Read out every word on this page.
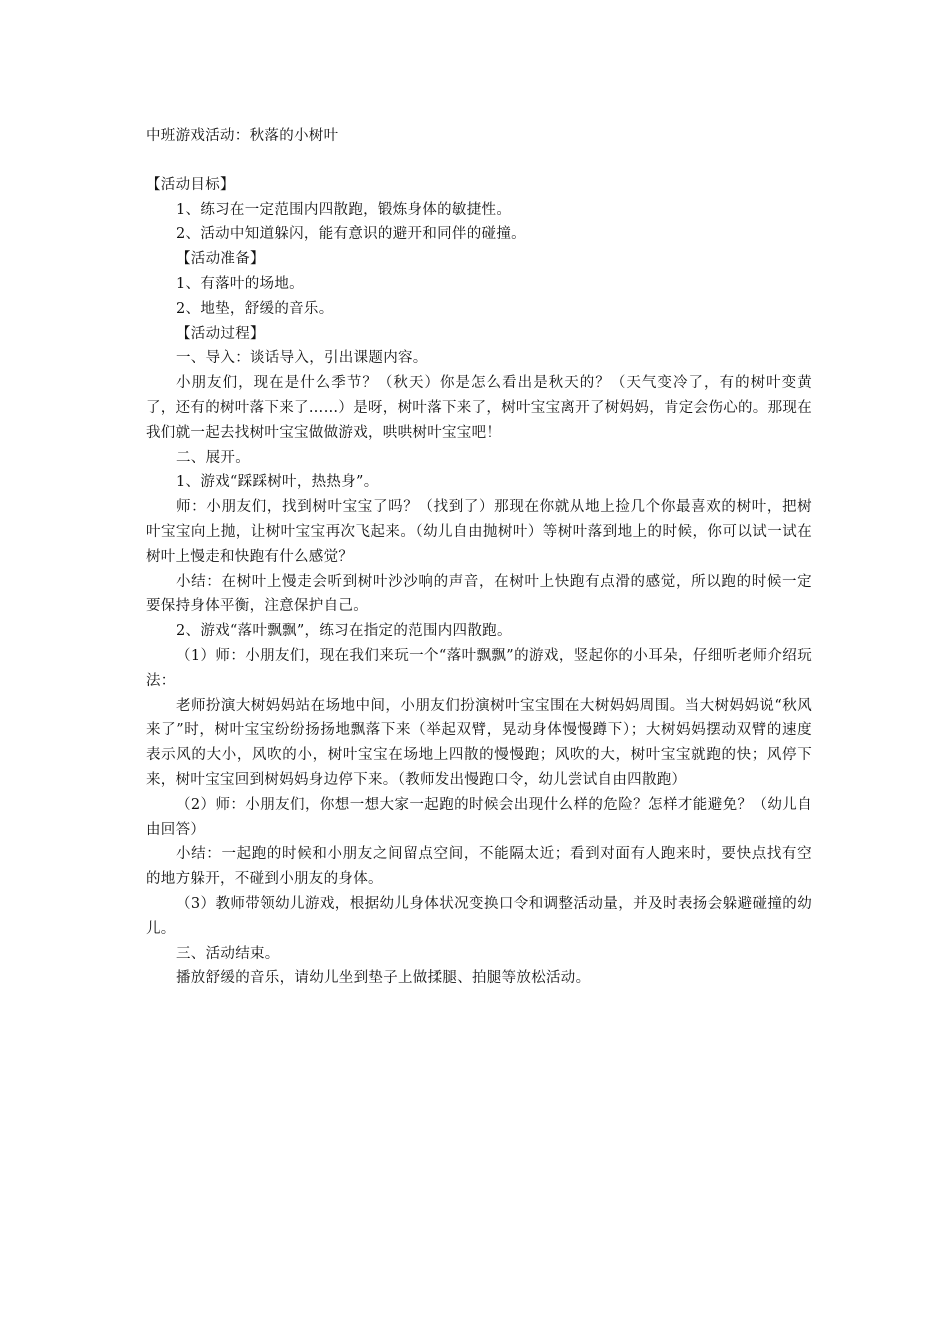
中班游戏活动：秋落的小树叶

【活动目标】

1、练习在一定范围内四散跑，锻炼身体的敏捷性。

2、活动中知道躲闪，能有意识的避开和同伴的碰撞。

【活动准备】

1、有落叶的场地。

2、地垫，舒缓的音乐。

【活动过程】

一、导入：谈话导入，引出课题内容。

小朋友们，现在是什么季节？（秋天）你是怎么看出是秋天的？（天气变冷了，有的树叶变黄了，还有的树叶落下来了……）是呀，树叶落下来了，树叶宝宝离开了树妈妈，肯定会伤心的。那现在我们就一起去找树叶宝宝做做游戏，哄哄树叶宝宝吧！

二、展开。

1、游戏“踩踩树叶，热热身”。

师：小朋友们，找到树叶宝宝了吗？（找到了）那现在你就从地上捡几个你最喜欢的树叶，把树叶宝宝向上抛，让树叶宝宝再次飞起来。（幼儿自由抛树叶）等树叶落到地上的时候，你可以试一试在树叶上慢走和快跑有什么感觉？

小结：在树叶上慢走会听到树叶沙沙响的声音，在树叶上快跑有点滑的感觉，所以跑的时候一定要保持身体平衡，注意保护自己。

2、游戏“落叶飘飘”，练习在指定的范围内四散跑。

（1）师：小朋友们，现在我们来玩一个“落叶飘飘”的游戏，竖起你的小耳朵，仔细听老师介绍玩法：

老师扮演大树妈妈站在场地中间，小朋友们扮演树叶宝宝围在大树妈妈周围。当大树妈妈说“秋风来了”时，树叶宝宝纷纷扬扬地飘落下来（举起双臂，晃动身体慢慢蹲下）；大树妈妈摆动双臂的速度表示风的大小，风吹的小，树叶宝宝在场地上四散的慢慢跑；风吹的大，树叶宝宝就跑的快；风停下来，树叶宝宝回到树妈妈身边停下来。（教师发出慢跑口令，幼儿尝试自由四散跑）

（2）师：小朋友们，你想一想大家一起跑的时候会出现什么样的危险？怎样才能避免？（幼儿自由回答）

小结：一起跑的时候和小朋友之间留点空间，不能隔太近；看到对面有人跑来时，要快点找有空的地方躲开，不碰到小朋友的身体。

（3）教师带领幼儿游戏，根据幼儿身体状况变换口令和调整活动量，并及时表扬会躲避碰撞的幼儿。

三、活动结束。

播放舒缓的音乐，请幼儿坐到垫子上做揉腿、拍腿等放松活动。
